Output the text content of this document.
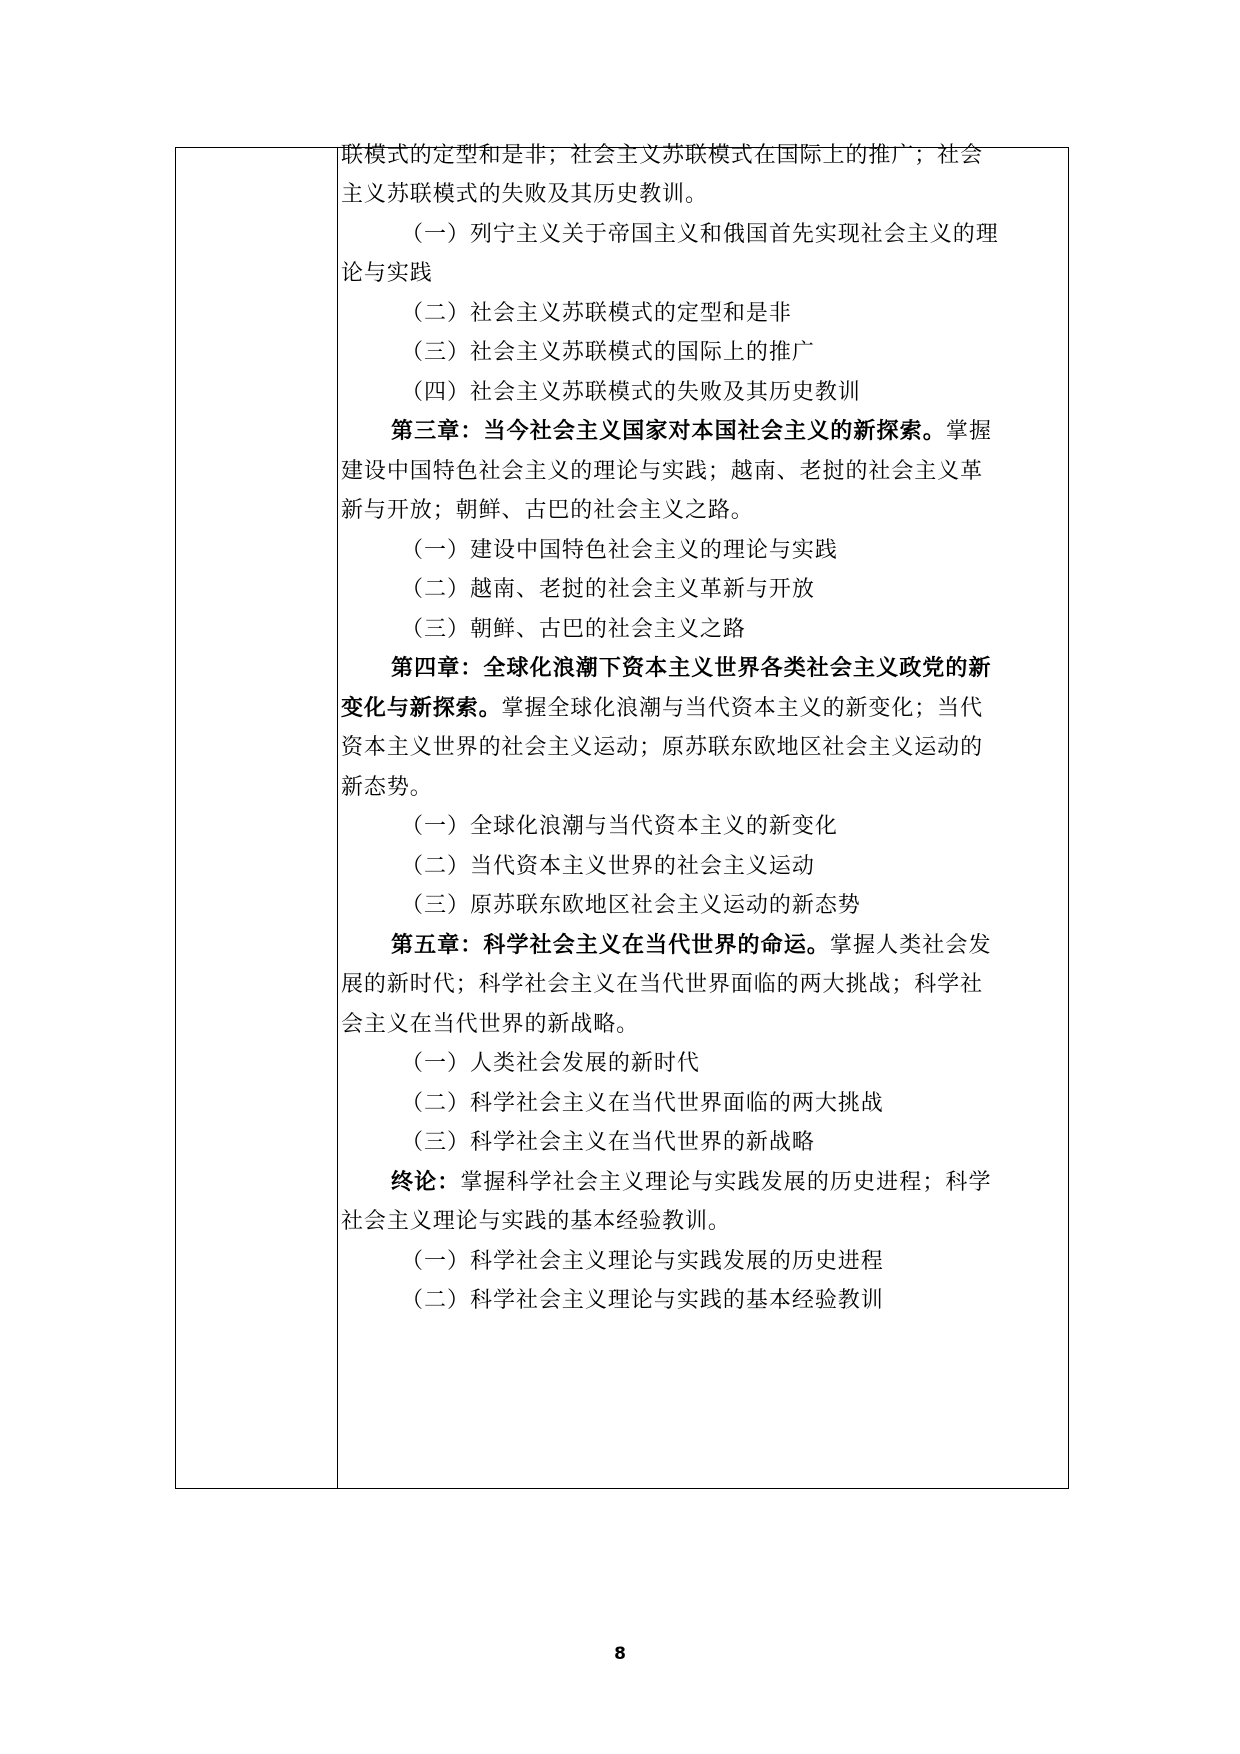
联模式的定型和是非；社会主义苏联模式在国际上的推广；社会

主义苏联模式的失败及其历史教训。

（一）列宁主义关于帝国主义和俄国首先实现社会主义的理

论与实践

（二）社会主义苏联模式的定型和是非

（三）社会主义苏联模式的国际上的推广

（四）社会主义苏联模式的失败及其历史教训

第三章：当今社会主义国家对本国社会主义的新探索。掌握

建设中国特色社会主义的理论与实践；越南、老挝的社会主义革

新与开放；朝鲜、古巴的社会主义之路。

（一）建设中国特色社会主义的理论与实践

（二）越南、老挝的社会主义革新与开放

（三）朝鲜、古巴的社会主义之路

第四章：全球化浪潮下资本主义世界各类社会主义政党的新

变化与新探索。掌握全球化浪潮与当代资本主义的新变化；当代

资本主义世界的社会主义运动；原苏联东欧地区社会主义运动的

新态势。

（一）全球化浪潮与当代资本主义的新变化

（二）当代资本主义世界的社会主义运动

（三）原苏联东欧地区社会主义运动的新态势

第五章：科学社会主义在当代世界的命运。掌握人类社会发

展的新时代；科学社会主义在当代世界面临的两大挑战；科学社

会主义在当代世界的新战略。

（一）人类社会发展的新时代

（二）科学社会主义在当代世界面临的两大挑战

（三）科学社会主义在当代世界的新战略

终论：掌握科学社会主义理论与实践发展的历史进程；科学

社会主义理论与实践的基本经验教训。

（一）科学社会主义理论与实践发展的历史进程

（二）科学社会主义理论与实践的基本经验教训

8
